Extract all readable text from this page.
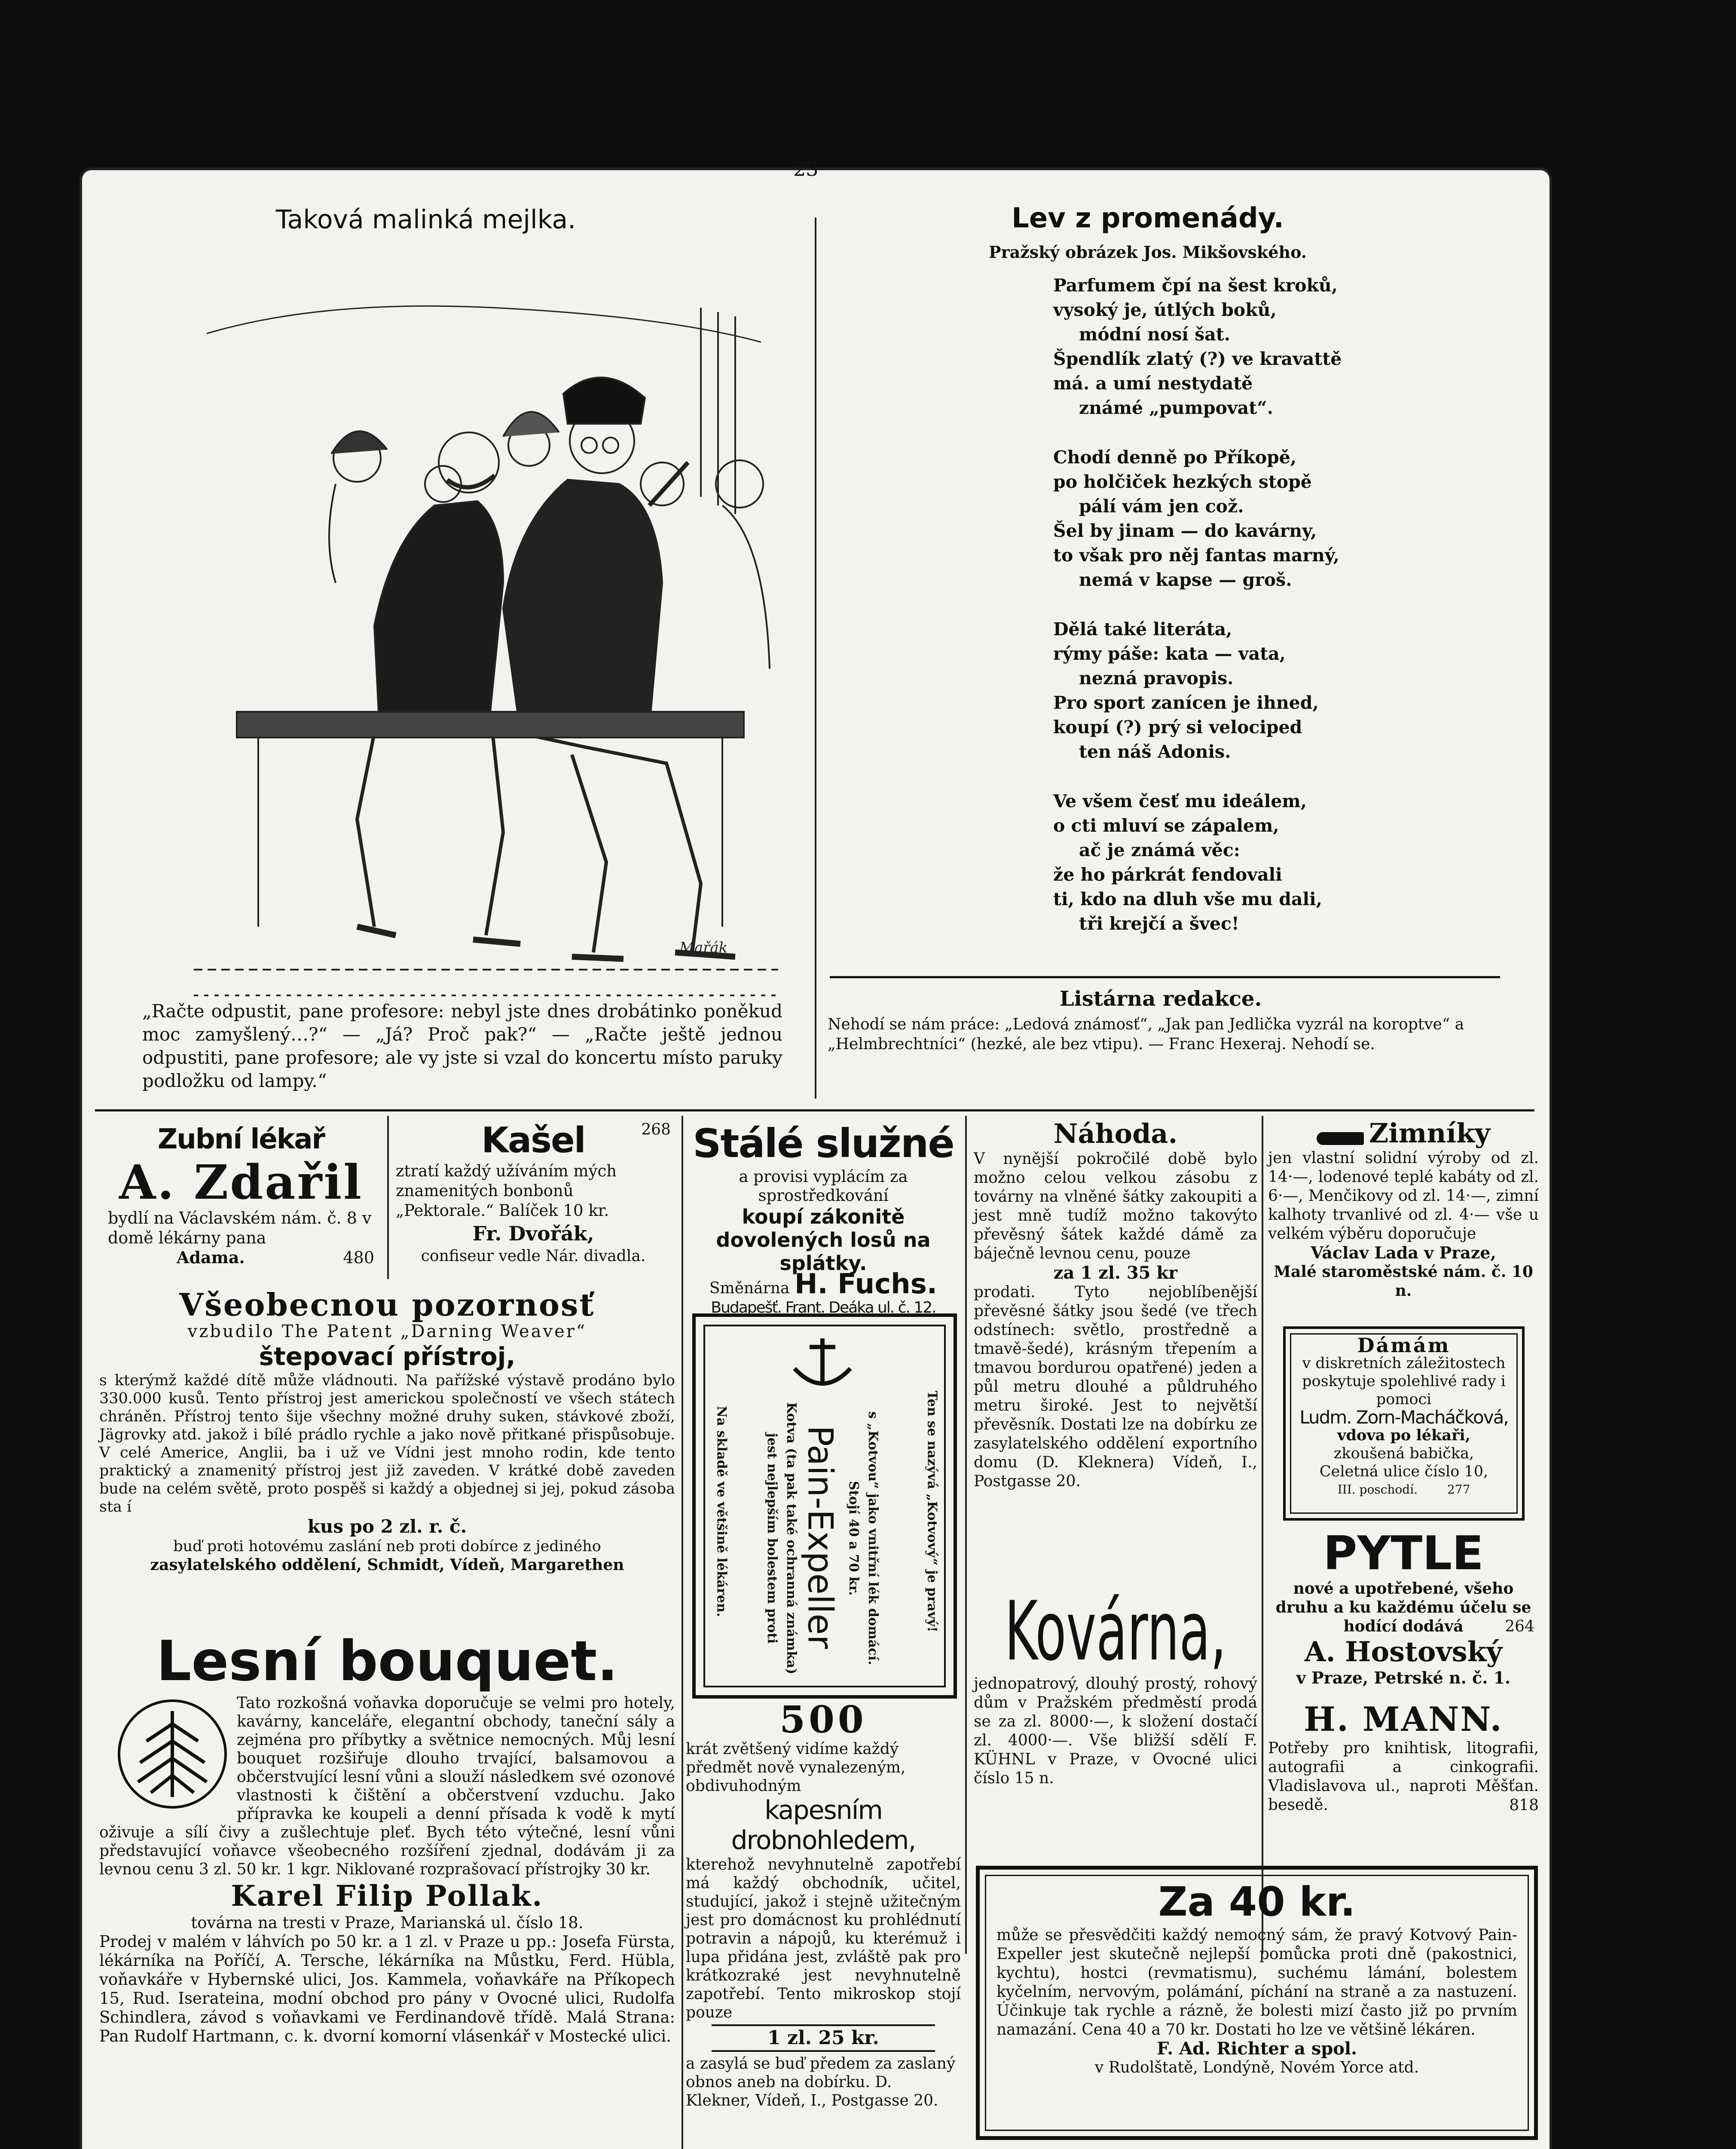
23
Taková malinká mejlka.
Mařák
„Račte odpustit, pane profesore: nebyl jste dnes drobátinko poněkud moc zamyšlený…?“ — „Já? Proč pak?“ — „Račte ještě jednou odpustiti, pane profesore; ale vy jste si vzal do koncertu místo paruky podložku od lampy.“
Lev z promenády.
Pražský obrázek Jos. Mikšovského.
Parfumem čpí na šest kroků,
vysoký je, útlých boků,
módní nosí šat.
Špendlík zlatý (?) ve kravattě
má. a umí nestydatě
známé „pumpovat“.
Chodí denně po Příkopě,
po holčiček hezkých stopě
pálí vám jen což.
Šel by jinam — do kavárny,
to však pro něj fantas marný,
nemá v kapse — groš.
Dělá také literáta,
rýmy páše: kata — vata,
nezná pravopis.
Pro sport zanícen je ihned,
koupí (?) prý si velociped
ten náš Adonis.
Ve všem česť mu ideálem,
o cti mluví se zápalem,
ač je známá věc:
že ho párkrát fendovali
ti, kdo na dluh vše mu dali,
tři krejčí a švec!
Listárna redakce.
Nehodí se nám práce: „Ledová známosť“, „Jak pan Jedlička vyzrál na koroptve“ a „Helmbrechtníci“ (hezké, ale bez vtipu). — Franc Hexeraj. Nehodí se.
Zubní lékař
A. Zdařil
bydlí na Václavském nám. č. 8 v domě lékárny pana
Adama.	480
Kašel	268
ztratí každý užíváním mých znamenitých bonbonů „Pektorale.“ Balíček 10 kr.
Fr. Dvořák,
confiseur vedle Nár. divadla.
Všeobecnou pozornosť
vzbudilo The Patent „Darning Weaver“
štepovací přístroj,
s kterýmž každé dítě může vládnouti. Na pařížské výstavě prodáno bylo 330.000 kusů. Tento přístroj jest americkou společností ve všech státech chráněn. Přístroj tento šije všechny možné druhy suken, stávkové zboží, Jägrovky atd. jakož i bílé prádlo rychle a jako nově přitkané přispůsobuje. V celé Americe, Anglii, ba i už ve Vídni jest mnoho rodin, kde tento praktický a znamenitý přístroj jest již zaveden. V krátké době zaveden bude na celém světě, proto pospěš si každý a objednej si jej, pokud zásoba sta í
kus po 2 zl. r. č.
buď proti hotovému zaslání neb proti dobírce z jediného
zasylatelského oddělení, Schmidt, Vídeň, Margarethen
Lesní bouquet.
Tato rozkošná voňavka doporučuje se velmi pro hotely, kavárny, kanceláře, elegantní obchody, taneční sály a zejména pro příbytky a světnice nemocných. Můj lesní bouquet rozšiřuje dlouho trvající, balsamovou a občerstvující lesní vůni a slouží následkem své ozonové vlastnosti k čištění a občerstvení vzduchu. Jako přípravka ke koupeli a denní přísada k vodě k mytí oživuje a sílí čivy a zušlechtuje pleť. Bych této výtečné, lesní vůni představující voňavce všeobecného rozšíření zjednal, dodávám ji za levnou cenu 3 zl. 50 kr. 1 kgr. Niklované rozprašovací přístrojky 30 kr.
Karel Filip Pollak.
továrna na tresti v Praze, Marianská ul. číslo 18.
Prodej v malém v láhvích po 50 kr. a 1 zl. v Praze u pp.: Josefa Fürsta, lékárníka na Poříčí, A. Tersche, lékárníka na Můstku, Ferd. Hübla, voňavkáře v Hybernské ulici, Jos. Kammela, voňavkáře na Příkopech 15, Rud. Iserateina, modní obchod pro pány v Ovocné ulici, Rudolfa Schindlera, závod s voňavkami ve Ferdinandově třídě. Malá Strana: Pan Rudolf Hartmann, c. k. dvorní komorní vlásenkář v Mostecké ulici.
Stálé služné
a provisi vyplácím za sprostředkování
koupí zákonitě dovolených losů na splátky.
Směnárna H. Fuchs.
Budapešť. Frant. Deáka ul. č. 12.
Na skladě ve většině lékáren.	Ten se nazývá „Kotvový“ je pravý!
Kotva (ta pak také ochranná známka) jest nejlepším bolestem proti Pain-Expeller	s „Kotvou“ jako vnitřní lék domácí. Stojí 40 a 70 kr.
500
krát zvětšený vidíme každý předmět nově vynalezeným, obdivuhodným
kapesním drobnohledem,
kterehož nevyhnutelně zapotřebí má každý obchodník, učitel, studující, jakož i stejně užitečným jest pro domácnost ku prohlédnutí potravin a nápojů, ku kterémuž i lupa přidána jest, zvláště pak pro krátkozraké jest nevyhnutelně zapotřebí. Tento mikroskop stojí pouze
1 zl. 25 kr.
a zasylá se buď předem za zaslaný obnos aneb na dobírku. D. Klekner, Vídeň, I., Postgasse 20.
Náhoda.
V nynější pokročilé době bylo možno celou velkou zásobu z továrny na vlněné šátky zakoupiti a jest mně tudíž možno takovýto převěsný šátek každé dámě za báječně levnou cenu, pouze
za 1 zl. 35 kr
prodati. Tyto nejoblíbenější převěsné šátky jsou šedé (ve třech odstínech: světlo, prostředně a tmavě-šedé), krásným třepením a tmavou bordurou opatřené) jeden a půl metru dlouhé a půldruhého metru široké. Jest to největší převěsník. Dostati lze na dobírku ze zasylatelského oddělení exportního domu (D. Kleknera) Vídeň, I., Postgasse 20.
Kovárna,
jednopatrový, dlouhý prostý, rohový dům v Pražském předměstí prodá se za zl. 8000·—, k složení dostačí zl. 4000·—. Vše bližší sdělí F. KÜHNL v Praze, v Ovocné ulici číslo 15 n.
Zimníky
jen vlastní solidní výroby od zl. 14·—, lodenové teplé kabáty od zl. 6·—, Menčikovy od zl. 14·—, zimní kalhoty trvanlivé od zl. 4·— vše u velkém výběru doporučuje
Václav Lada v Praze,
Malé staroměstské nám. č. 10 n.
Dámám
v diskretních záležitostech poskytuje spolehlivé rady i pomoci
Ludm. Zorn-Macháčková,
vdova po lékaři,
zkoušená babička,
Celetná ulice číslo 10,
III. poschodí. 277
PYTLE
nové a upotřebené, všeho druhu a ku každému účelu se hodící dodává	264
A. Hostovský
v Praze, Petrské n. č. 1.
H. MANN.
Potřeby pro knihtisk, litografii, autografii a cinkografii. Vladislavova ul., naproti Měšťan. besedě.	818
Za 40 kr.
může se přesvědčiti každý nemocný sám, že pravý Kotvový Pain-Expeller jest skutečně nejlepší pomůcka proti dně (pakostnici, kychtu), hostci (revmatismu), suchému lámání, bolestem kyčelním, nervovým, polámání, píchání na straně a za nastuzení. Účinkuje tak rychle a rázně, že bolesti mizí často již po prvním namazání. Cena 40 a 70 kr. Dostati ho lze ve většině lékáren.
F. Ad. Richter a spol.
v Rudolštatě, Londýně, Novém Yorce atd.
